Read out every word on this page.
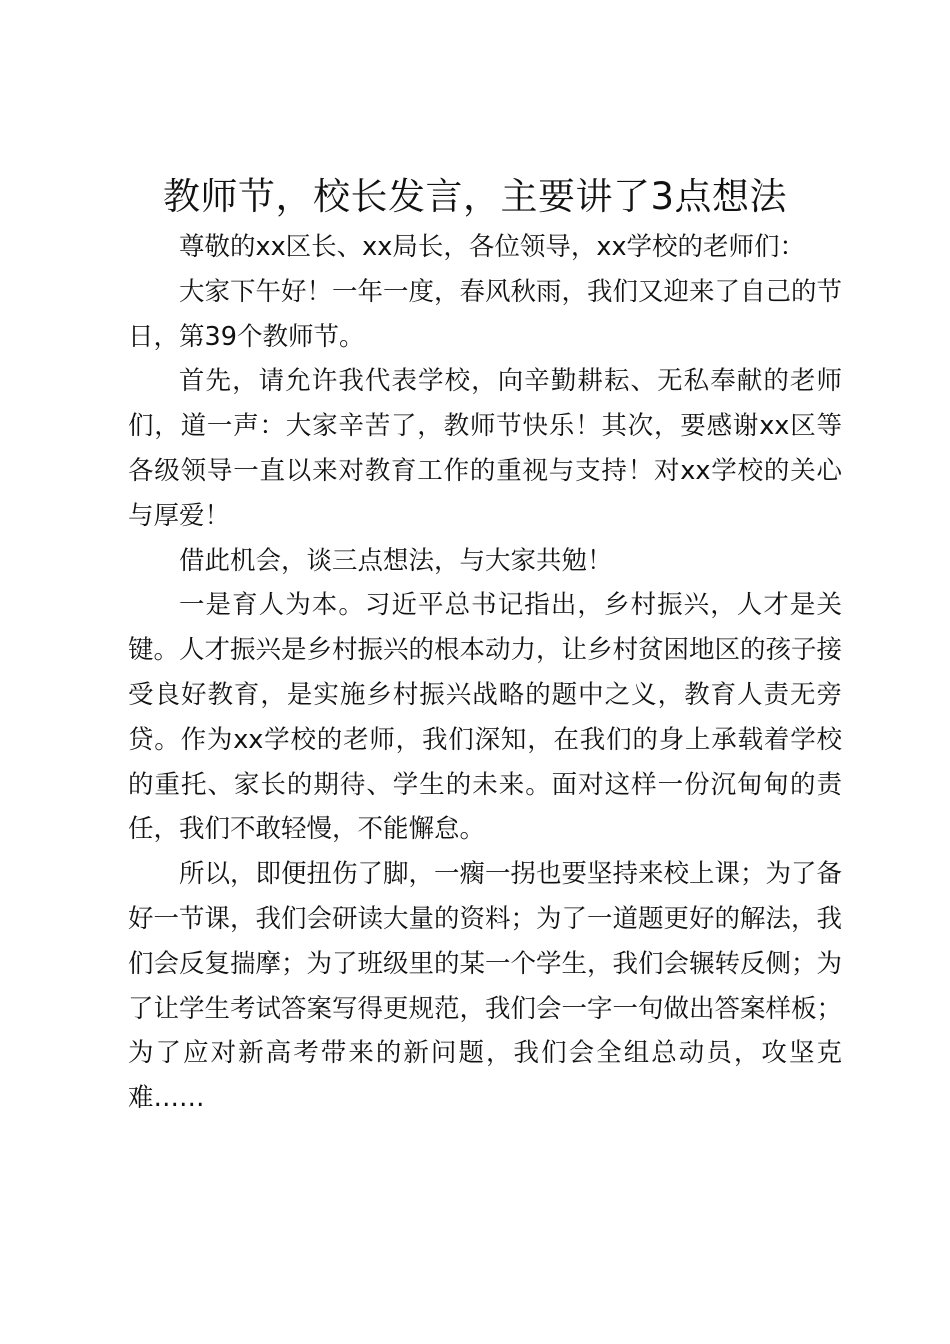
教师节，校长发言，主要讲了3点想法

尊敬的xx区长、xx局长，各位领导，xx学校的老师们：

大家下午好！一年一度，春风秋雨，我们又迎来了自己的节日，第39个教师节。

首先，请允许我代表学校，向辛勤耕耘、无私奉献的老师们，道一声：大家辛苦了，教师节快乐！其次，要感谢xx区等各级领导一直以来对教育工作的重视与支持！对xx学校的关心与厚爱！

借此机会，谈三点想法，与大家共勉！

一是育人为本。习近平总书记指出，乡村振兴，人才是关键。人才振兴是乡村振兴的根本动力，让乡村贫困地区的孩子接受良好教育，是实施乡村振兴战略的题中之义，教育人责无旁贷。作为xx学校的老师，我们深知，在我们的身上承载着学校的重托、家长的期待、学生的未来。面对这样一份沉甸甸的责任，我们不敢轻慢，不能懈怠。

所以，即便扭伤了脚，一瘸一拐也要坚持来校上课；为了备好一节课，我们会研读大量的资料；为了一道题更好的解法，我们会反复揣摩；为了班级里的某一个学生，我们会辗转反侧；为了让学生考试答案写得更规范，我们会一字一句做出答案样板；为了应对新高考带来的新问题，我们会全组总动员，攻坚克难……
